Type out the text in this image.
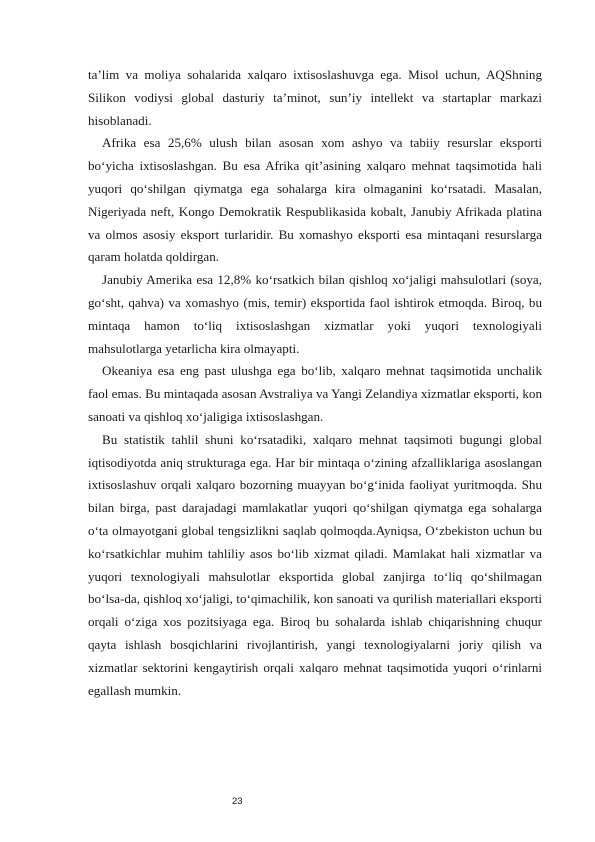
ta’lim va moliya sohalarida xalqaro ixtisoslashuvga ega. Misol uchun, AQShning Silikon vodiysi global dasturiy ta’minot, sun’iy intellekt va startaplar markazi hisoblanadi.

Afrika esa 25,6% ulush bilan asosan xom ashyo va tabiiy resurslar eksporti bo‘yicha ixtisoslashgan. Bu esa Afrika qit’asining xalqaro mehnat taqsimotida hali yuqori qo‘shilgan qiymatga ega sohalarga kira olmaganini ko‘rsatadi. Masalan, Nigeriyada neft, Kongo Demokratik Respublikasida kobalt, Janubiy Afrikada platina va olmos asosiy eksport turlaridir. Bu xomashyo eksporti esa mintaqani resurslarga qaram holatda qoldirgan.

Janubiy Amerika esa 12,8% ko‘rsatkich bilan qishloq xo‘jaligi mahsulotlari (soya, go‘sht, qahva) va xomashyo (mis, temir) eksportida faol ishtirok etmoqda. Biroq, bu mintaqa hamon to‘liq ixtisoslashgan xizmatlar yoki yuqori texnologiyali mahsulotlarga yetarlicha kira olmayapti.

Okeaniya esa eng past ulushga ega bo‘lib, xalqaro mehnat taqsimotida unchalik faol emas. Bu mintaqada asosan Avstraliya va Yangi Zelandiya xizmatlar eksporti, kon sanoati va qishloq xo‘jaligiga ixtisoslashgan.

Bu statistik tahlil shuni ko‘rsatadiki, xalqaro mehnat taqsimoti bugungi global iqtisodiyotda aniq strukturaga ega. Har bir mintaqa o‘zining afzalliklariga asoslangan ixtisoslashuv orqali xalqaro bozorning muayyan bo‘g‘inida faoliyat yuritmoqda. Shu bilan birga, past darajadagi mamlakatlar yuqori qo‘shilgan qiymatga ega sohalarga o‘ta olmayotgani global tengsizlikni saqlab qolmoqda.Ayniqsa, O‘zbekiston uchun bu ko‘rsatkichlar muhim tahliliy asos bo‘lib xizmat qiladi. Mamlakat hali xizmatlar va yuqori texnologiyali mahsulotlar eksportida global zanjirga to‘liq qo‘shilmagan bo‘lsa-da, qishloq xo‘jaligi, to‘qimachilik, kon sanoati va qurilish materiallari eksporti orqali o‘ziga xos pozitsiyaga ega. Biroq bu sohalarda ishlab chiqarishning chuqur qayta ishlash bosqichlarini rivojlantirish, yangi texnologiyalarni joriy qilish va xizmatlar sektorini kengaytirish orqali xalqaro mehnat taqsimotida yuqori o‘rinlarni egallash mumkin.

23
